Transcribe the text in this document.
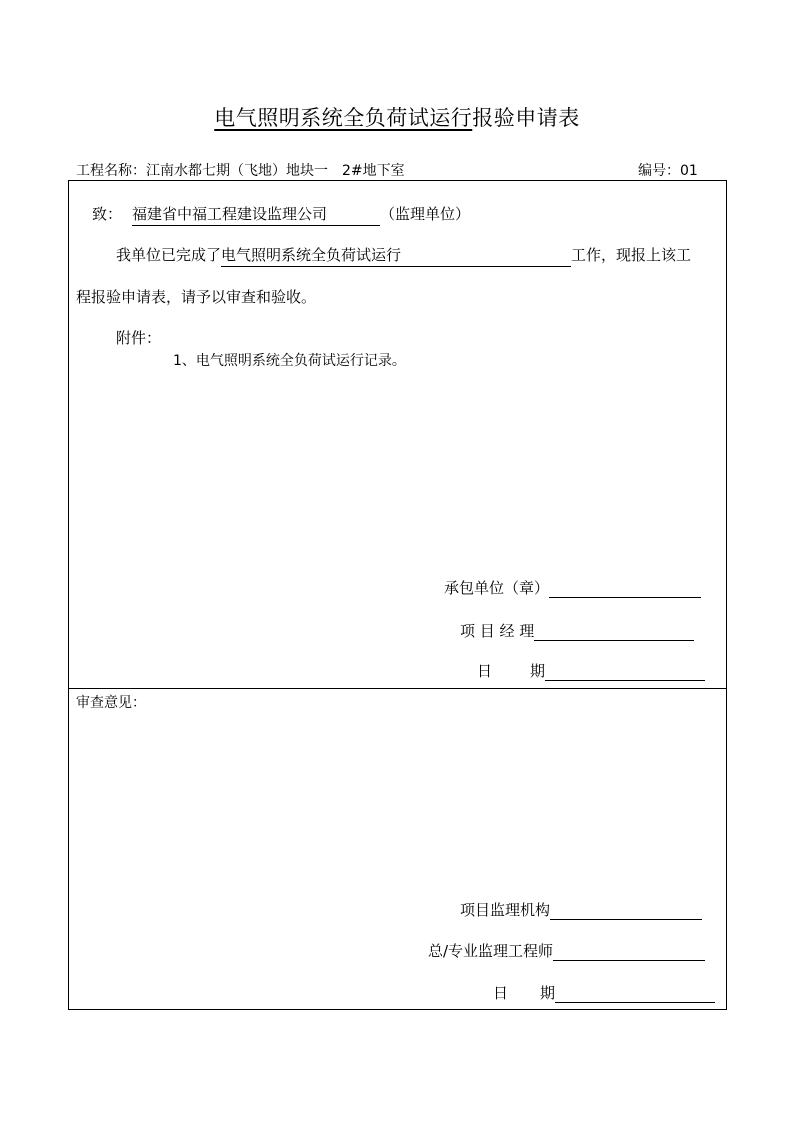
电气照明系统全负荷试运行报验申请表
工程名称：江南水都七期（飞地）地块一　2#地下室	编号：01
致： 福建省中福工程建设监理公司	（监理单位）
我单位已完成了电气照明系统全负荷试运行	工作，现报上该工
程报验申请表，请予以审查和验收。
附件：
1、电气照明系统全负荷试运行记录。
承包单位（章）
项 目 经 理
日	期
审查意见：
项目监理机构
总/专业监理工程师
日 期
